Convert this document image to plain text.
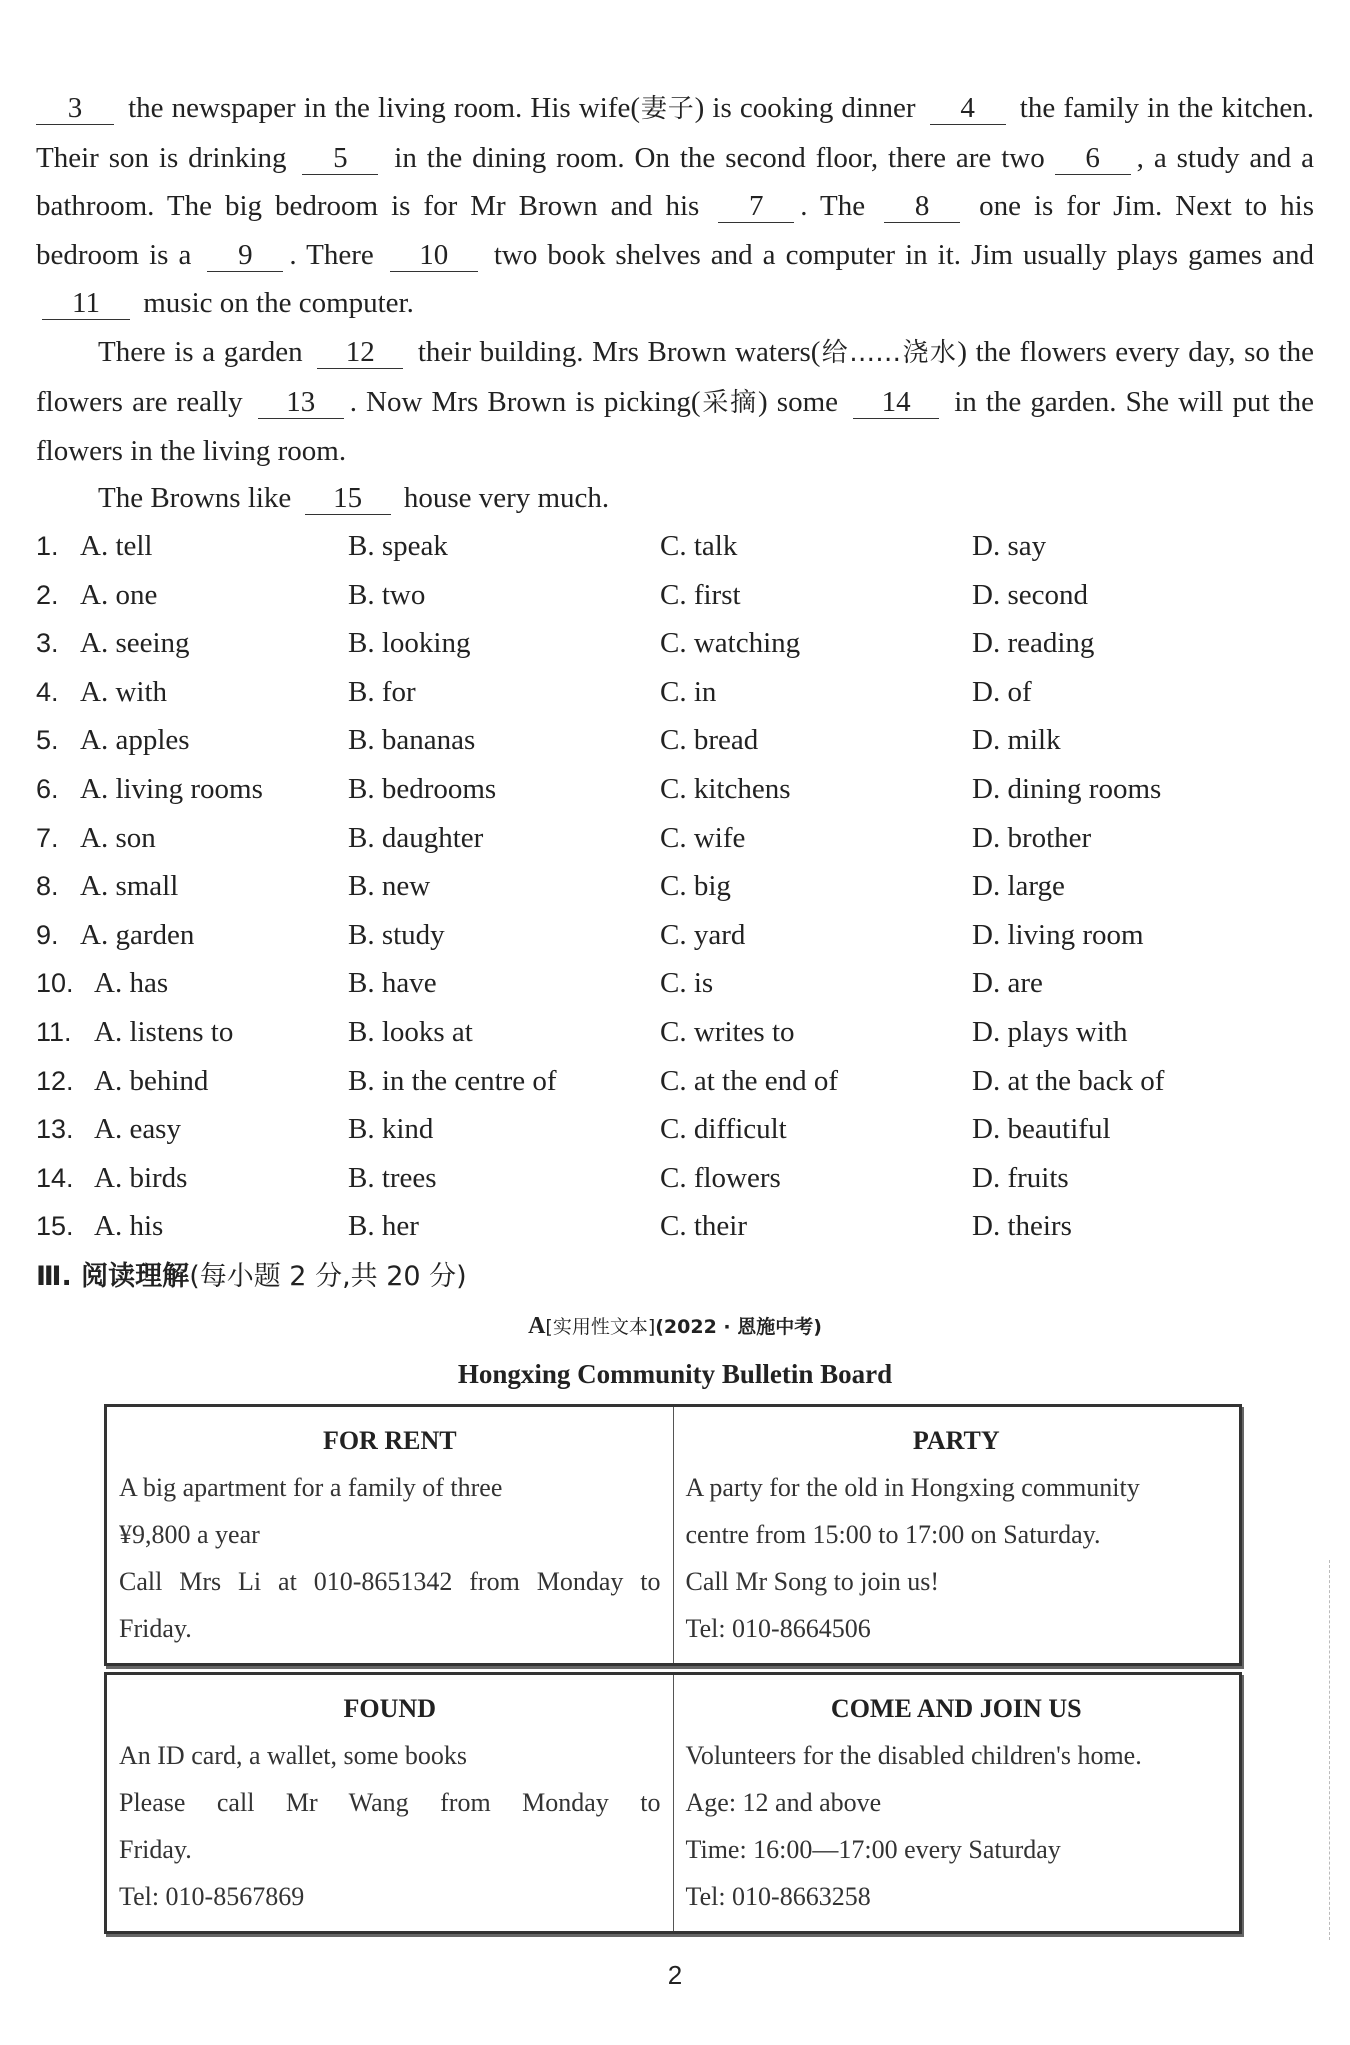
3 the newspaper in the living room. His wife(妻子) is cooking dinner 4 the family in the kitchen. Their son is drinking 5 in the dining room. On the second floor, there are two 6 , a study and a bathroom. The big bedroom is for Mr Brown and his 7 . The 8 one is for Jim. Next to his bedroom is a 9 . There 10 two book shelves and a computer in it. Jim usually plays games and 11 music on the computer.
There is a garden 12 their building. Mrs Brown waters(给……浇水) the flowers every day, so the flowers are really 13 . Now Mrs Brown is picking(采摘) some 14 in the garden. She will put the flowers in the living room.
The Browns like 15 house very much.
1. A. tell	B. speak	C. talk	D. say
2. A. one	B. two	C. first	D. second
3. A. seeing	B. looking	C. watching	D. reading
4. A. with	B. for	C. in	D. of
5. A. apples	B. bananas	C. bread	D. milk
6. A. living rooms	B. bedrooms	C. kitchens	D. dining rooms
7. A. son	B. daughter	C. wife	D. brother
8. A. small	B. new	C. big	D. large
9. A. garden	B. study	C. yard	D. living room
10. A. has	B. have	C. is	D. are
11. A. listens to	B. looks at	C. writes to	D. plays with
12. A. behind	B. in the centre of	C. at the end of	D. at the back of
13. A. easy	B. kind	C. difficult	D. beautiful
14. A. birds	B. trees	C. flowers	D. fruits
15. A. his	B. her	C. their	D. theirs
Ⅲ. 阅读理解(每小题 2 分,共 20 分)
A[实用性文本](2022 · 恩施中考)
Hongxing Community Bulletin Board
FOR RENT
A big apartment for a family of three
¥9,800 a year
Call Mrs Li at 010-8651342 from Monday to
Friday.
PARTY
A party for the old in Hongxing community
centre from 15:00 to 17:00 on Saturday.
Call Mr Song to join us!
Tel: 010-8664506
FOUND
An ID card, a wallet, some books
Please call Mr Wang from Monday to
Friday.
Tel: 010-8567869
COME AND JOIN US
Volunteers for the disabled children's home.
Age: 12 and above
Time: 16:00—17:00 every Saturday
Tel: 010-8663258
2
